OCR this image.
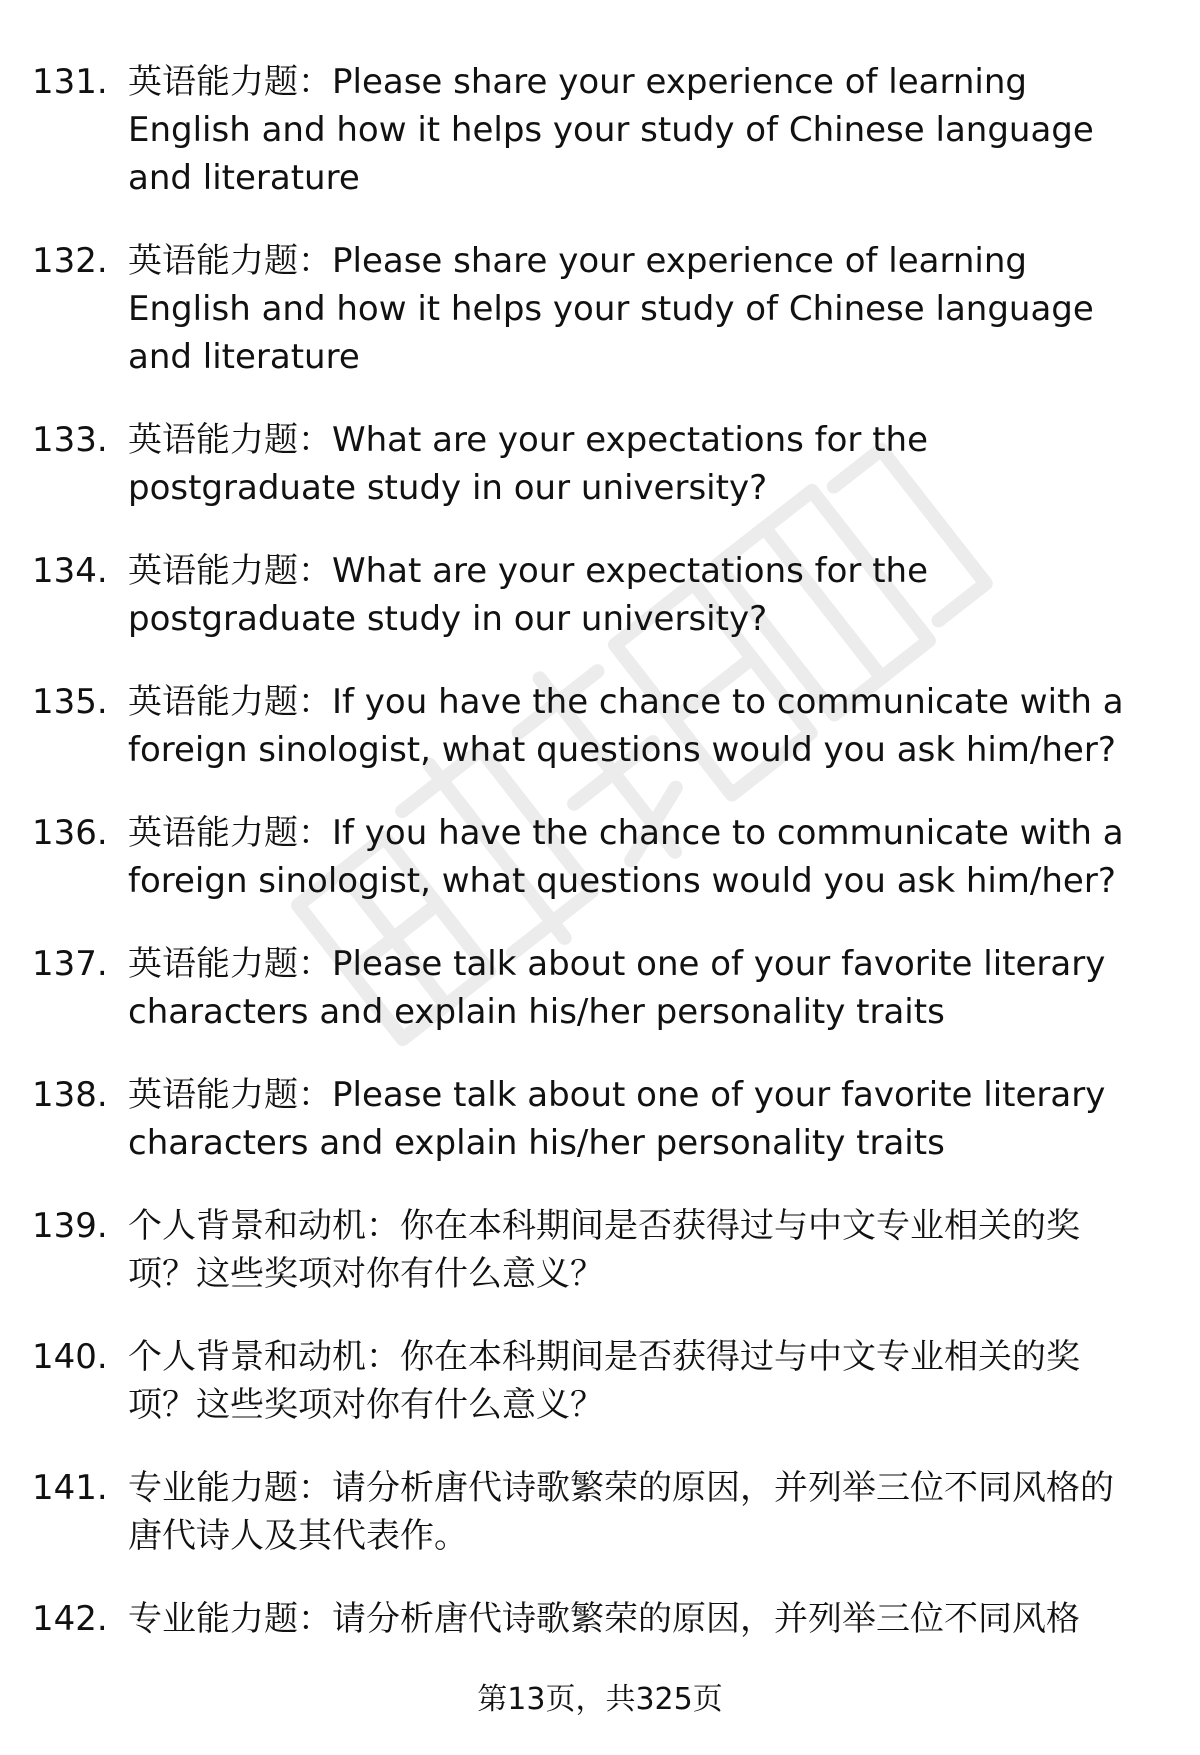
131. 英语能力题：Please share your experience of learning English and how it helps your study of Chinese language and literature
132. 英语能力题：Please share your experience of learning English and how it helps your study of Chinese language and literature
133. 英语能力题：What are your expectations for the postgraduate study in our university?
134. 英语能力题：What are your expectations for the postgraduate study in our university?
135. 英语能力题：If you have the chance to communicate with a foreign sinologist, what questions would you ask him/her?
136. 英语能力题：If you have the chance to communicate with a foreign sinologist, what questions would you ask him/her?
137. 英语能力题：Please talk about one of your favorite literary characters and explain his/her personality traits
138. 英语能力题：Please talk about one of your favorite literary characters and explain his/her personality traits
139. 个人背景和动机：你在本科期间是否获得过与中文专业相关的奖项？这些奖项对你有什么意义？
140. 个人背景和动机：你在本科期间是否获得过与中文专业相关的奖项？这些奖项对你有什么意义？
141. 专业能力题：请分析唐代诗歌繁荣的原因，并列举三位不同风格的唐代诗人及其代表作。
142. 专业能力题：请分析唐代诗歌繁荣的原因，并列举三位不同风格
第13页，共325页
